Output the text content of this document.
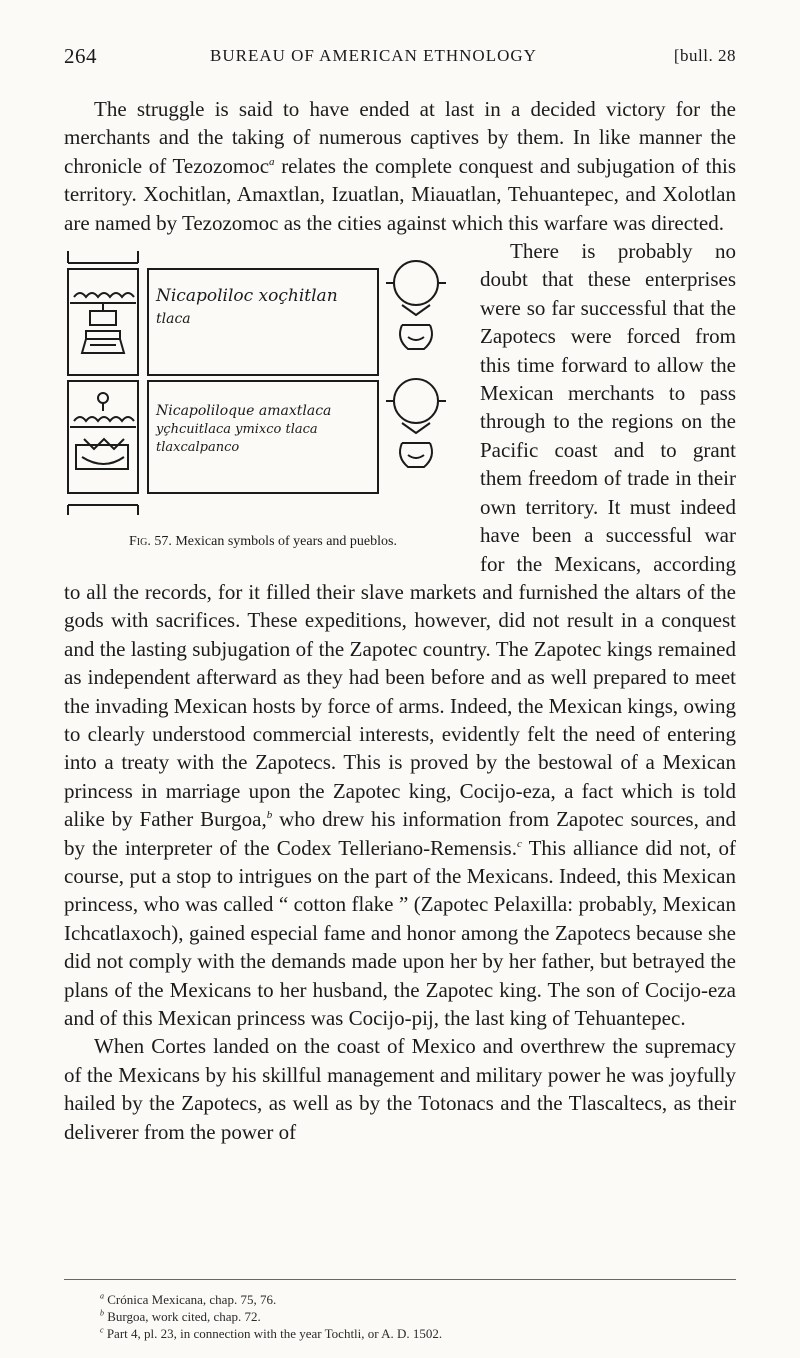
264	BUREAU OF AMERICAN ETHNOLOGY	[bull. 28

The struggle is said to have ended at last in a decided victory for the merchants and the taking of numerous captives by them. In like manner the chronicle of Tezozomoc$^a$ relates the complete conquest and subjugation of this territory. Xochitlan, Amaxtlan, Izuatlan, Miauatlan, Tehuantepec, and Xolotlan are named by Tezozomoc as the cities against which this warfare was directed.

Nicapoliloc xoçhitlan
tlaca
Nicapoliloque amaxtlaca
yçhcuitlaca ymixco tlaca
tlaxcalpanco
Fig. 57. Mexican symbols of years and pueblos.

There is probably no doubt that these enterprises were so far successful that the Zapotecs were forced from this time forward to allow the Mexican merchants to pass through to the regions on the Pacific coast and to grant them freedom of trade in their own territory. It must indeed have been a successful war for the Mexicans, according to all the records, for it filled their slave markets and furnished the altars of the gods with sacrifices. These expeditions, however, did not result in a conquest and the lasting subjugation of the Zapotec country. The Zapotec kings remained as independent afterward as they had been before and as well prepared to meet the invading Mexican hosts by force of arms. Indeed, the Mexican kings, owing to clearly understood commercial interests, evidently felt the need of entering into a treaty with the Zapotecs. This is proved by the bestowal of a Mexican princess in marriage upon the Zapotec king, Cocijo-eza, a fact which is told alike by Father Burgoa,$^b$ who drew his information from Zapotec sources, and by the interpreter of the Codex Telleriano-Remensis.$^c$ This alliance did not, of course, put a stop to intrigues on the part of the Mexicans. Indeed, this Mexican princess, who was called “ cotton flake ” (Zapotec Pelaxilla: probably, Mexican Ichcatlaxoch), gained especial fame and honor among the Zapotecs because she did not comply with the demands made upon her by her father, but betrayed the plans of the Mexicans to her husband, the Zapotec king. The son of Cocijo-eza and of this Mexican princess was Cocijo-pij, the last king of Tehuantepec.

When Cortes landed on the coast of Mexico and overthrew the supremacy of the Mexicans by his skillful management and military power he was joyfully hailed by the Zapotecs, as well as by the Totonacs and the Tlascaltecs, as their deliverer from the power of

$^a$ Crónica Mexicana, chap. 75, 76.
$^b$ Burgoa, work cited, chap. 72.
$^c$ Part 4, pl. 23, in connection with the year Tochtli, or A. D. 1502.
